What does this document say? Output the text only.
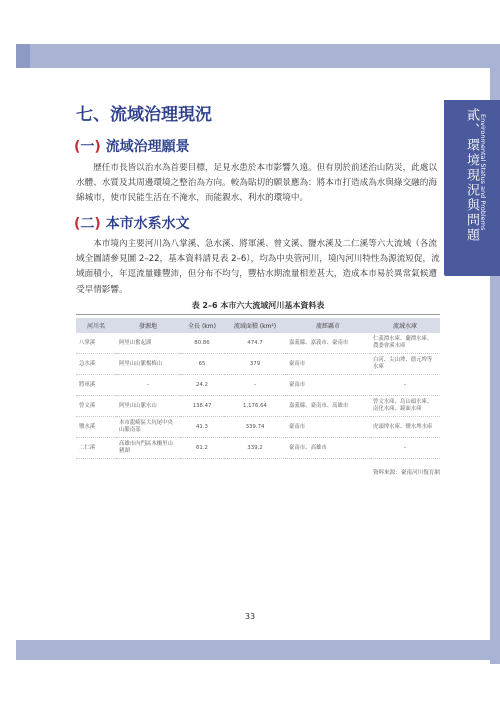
貳、環境現況與問題 Environmental Status and Problems
七、流域治理現況
(一) 流域治理願景
歷任市長皆以治水為首要目標，足見水患於本市影響久遠。但有別於前述治山防災，此處以水體、水質及其周邊環境之整治為方向。較為貼切的願景應為：將本市打造成為水與綠交融的海綿城市，使市民能生活在不淹水，而能親水、利水的環境中。
(二) 本市水系水文
本市境內主要河川為八掌溪、急水溪、將軍溪、曾文溪、鹽水溪及二仁溪等六大流域（各流域全圖請參見圖 2–22，基本資料請見表 2–6），均為中央管河川，境內河川特性為源流短促，流域面積小，年逕流量雖豐沛，但分布不均勻，豐枯水期流量相差甚大，造成本市易於異常氣候遭受旱情影響。
表 2–6 本市六大流域河川基本資料表
河川名	發源地	全長 (km)	流域面積 (km²)	流經縣市	流域水庫
八掌溪	阿里山奮起湖	80.86	474.7	嘉義縣、嘉義市、臺南市	仁義潭水庫、蘭潭水庫、農委會溪水庫
急水溪	阿里山山脈楊梅山	65	379	臺南市	白河、尖山埤、德元埤等水庫
將軍溪	–	24.2	–	臺南市	–
曾文溪	阿里山山脈水山	138.47	1,176.64	嘉義縣、臺南市、高雄市	曾文水庫、烏山頭水庫、南化水庫、鏡面水庫
鹽水溪	本市龍崎區大坑尾中央山脈南部	41.3	339.74	臺南市	虎頭埤水庫、鹽水埤水庫
二仁溪	高雄市內門區木柵里山豬湖	61.2	339.2	臺南市、高雄市	–
資料來源：臺南河川復育網
33
